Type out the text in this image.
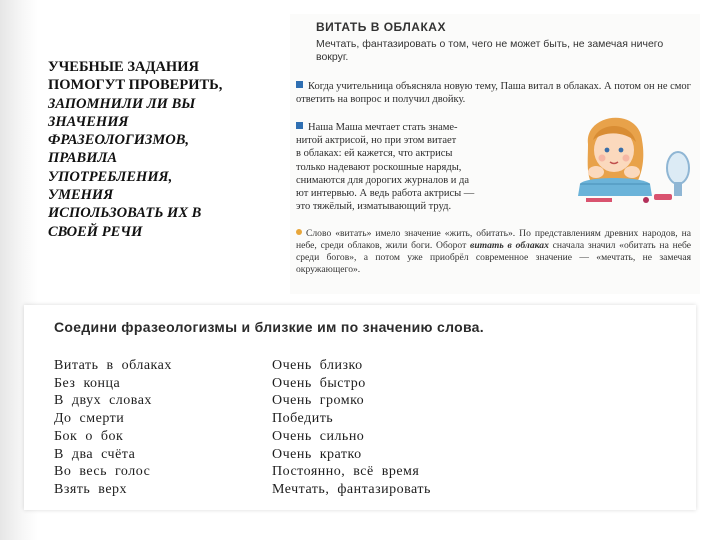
УЧЕБНЫЕ ЗАДАНИЯ
ПОМОГУТ ПРОВЕРИТЬ,
ЗАПОМНИЛИ ЛИ ВЫ
ЗНАЧЕНИЯ
ФРАЗЕОЛОГИЗМОВ,
ПРАВИЛА
УПОТРЕБЛЕНИЯ,
УМЕНИЯ
ИСПОЛЬЗОВАТЬ ИХ В
СВОЕЙ РЕЧИ
ВИТАТЬ В ОБЛАКАХ
Мечтать, фантазировать о том, чего не может быть, не замечая ничего вокруг.
Когда учительница объясняла новую тему, Паша витал в облаках. А потом он не смог ответить на вопрос и получил двойку.
Наша Маша мечтает стать знаме-
нитой актрисой, но при этом витает
в облаках: ей кажется, что актрисы
только надевают роскошные наряды,
снимаются для дорогих журналов и да
ют интервью. А ведь работа актрисы —
это тяжёлый, изматывающий труд.
Слово «витать» имело значение «жить, обитать». По представлениям древних народов, на небе, среди облаков, жили боги. Оборот витать в облаках сначала значил «обитать на небе среди богов», а потом уже приобрёл современное значение — «мечтать, не замечая окружающего».
Соедини фразеологизмы и близкие им по значению слова.
Витать в облаках
Без конца
В двух словах
До смерти
Бок о бок
В два счёта
Во весь голос
Взять верх
Очень близко
Очень быстро
Очень громко
Победить
Очень сильно
Очень кратко
Постоянно, всё время
Мечтать, фантазировать
